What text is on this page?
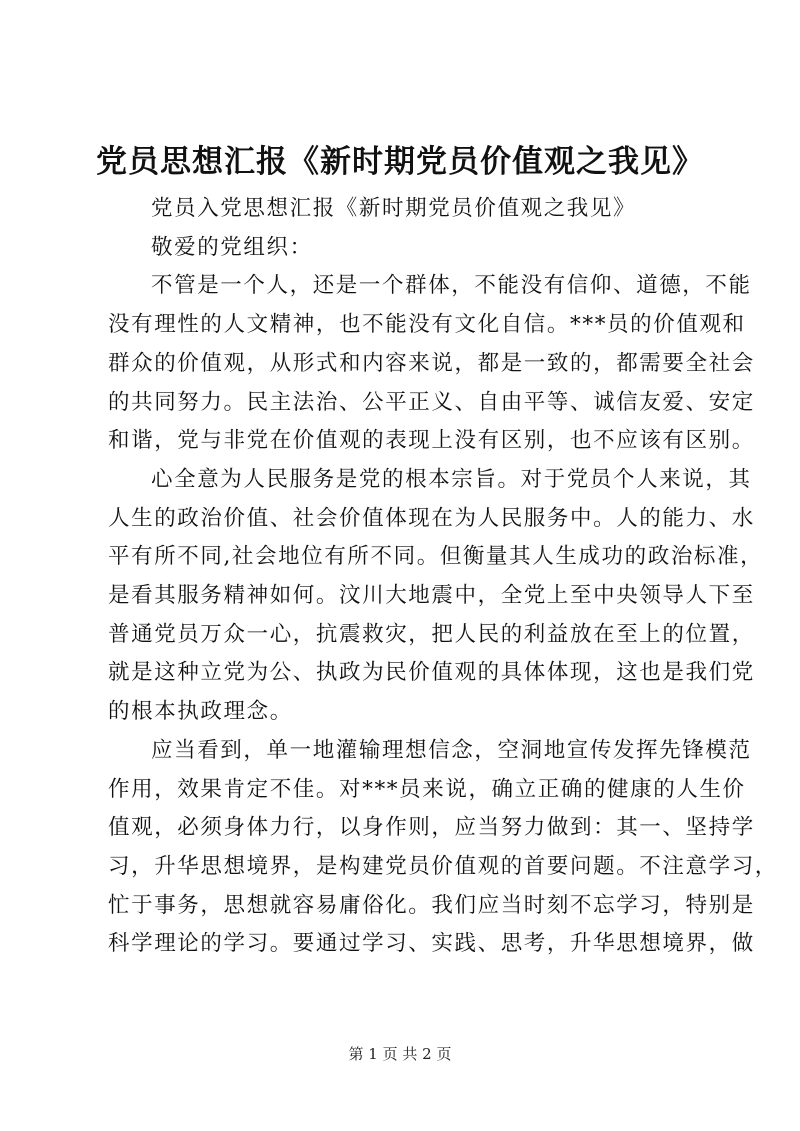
党员思想汇报《新时期党员价值观之我见》
党员入党思想汇报《新时期党员价值观之我见》
敬爱的党组织：
不管是一个人，还是一个群体，不能没有信仰、道德，不能
没有理性的人文精神，也不能没有文化自信。***员的价值观和
群众的价值观，从形式和内容来说，都是一致的，都需要全社会
的共同努力。民主法治、公平正义、自由平等、诚信友爱、安定
和谐，党与非党在价值观的表现上没有区别，也不应该有区别。
心全意为人民服务是党的根本宗旨。对于党员个人来说，其
人生的政治价值、社会价值体现在为人民服务中。人的能力、水
平有所不同,社会地位有所不同。但衡量其人生成功的政治标准，
是看其服务精神如何。汶川大地震中，全党上至中央领导人下至
普通党员万众一心，抗震救灾，把人民的利益放在至上的位置，
就是这种立党为公、执政为民价值观的具体体现，这也是我们党
的根本执政理念。
应当看到，单一地灌输理想信念，空洞地宣传发挥先锋模范
作用，效果肯定不佳。对***员来说，确立正确的健康的人生价
值观，必须身体力行，以身作则，应当努力做到：其一、坚持学
习，升华思想境界，是构建党员价值观的首要问题。不注意学习，
忙于事务，思想就容易庸俗化。我们应当时刻不忘学习，特别是
科学理论的学习。要通过学习、实践、思考，升华思想境界，做
第 1 页 共 2 页
